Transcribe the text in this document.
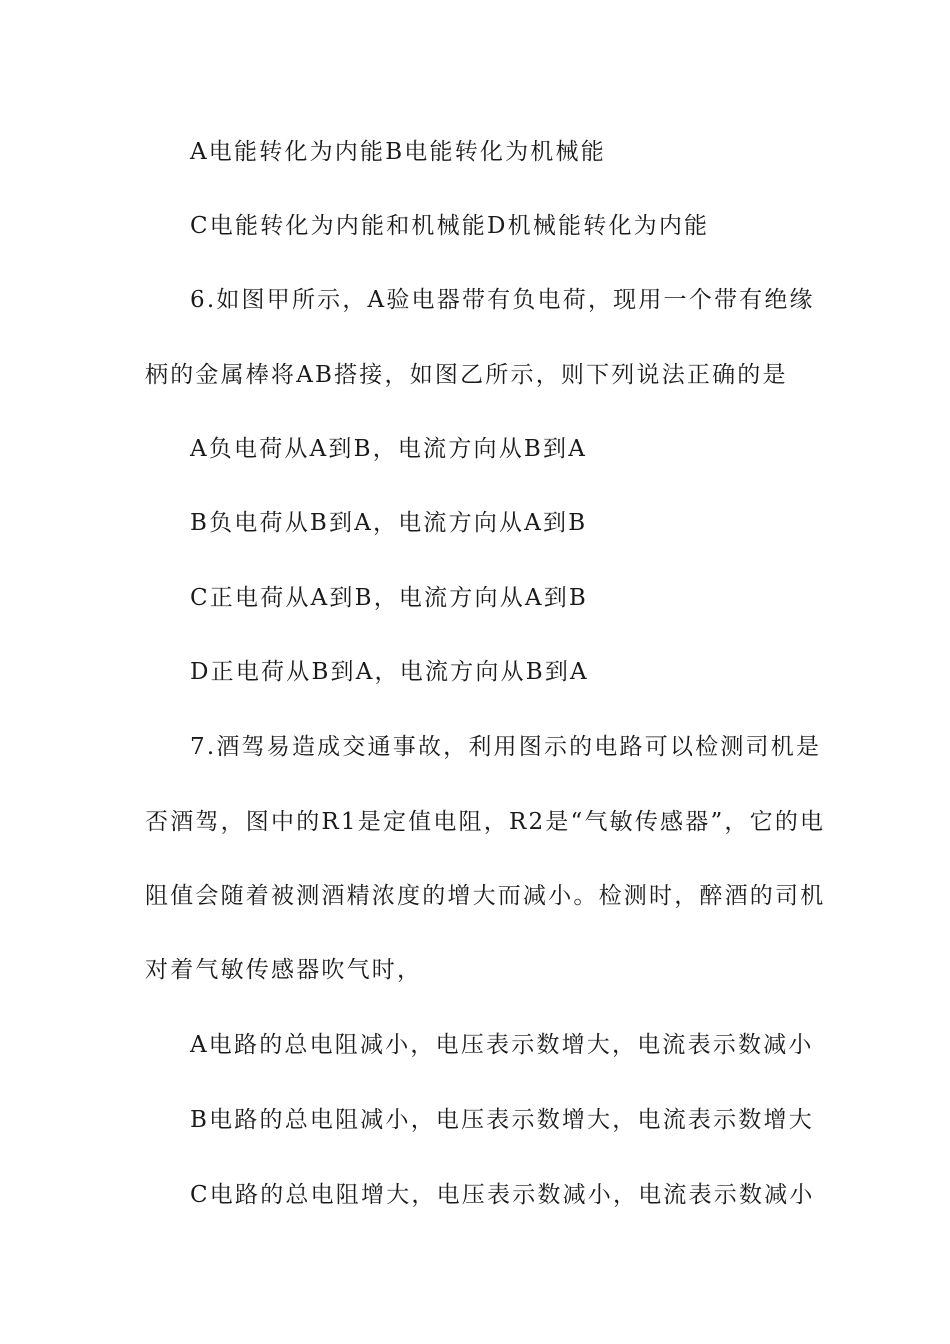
A电能转化为内能B电能转化为机械能
C电能转化为内能和机械能D机械能转化为内能
6.如图甲所示，A验电器带有负电荷，现用一个带有绝缘
柄的金属棒将AB搭接，如图乙所示，则下列说法正确的是
A负电荷从A到B，电流方向从B到A
B负电荷从B到A，电流方向从A到B
C正电荷从A到B，电流方向从A到B
D正电荷从B到A，电流方向从B到A
7.酒驾易造成交通事故，利用图示的电路可以检测司机是
否酒驾，图中的R1是定值电阻，R2是“气敏传感器”，它的电
阻值会随着被测酒精浓度的增大而减小。检测时，醉酒的司机
对着气敏传感器吹气时，
A电路的总电阻减小，电压表示数增大，电流表示数减小
B电路的总电阻减小，电压表示数增大，电流表示数增大
C电路的总电阻增大，电压表示数减小，电流表示数减小
